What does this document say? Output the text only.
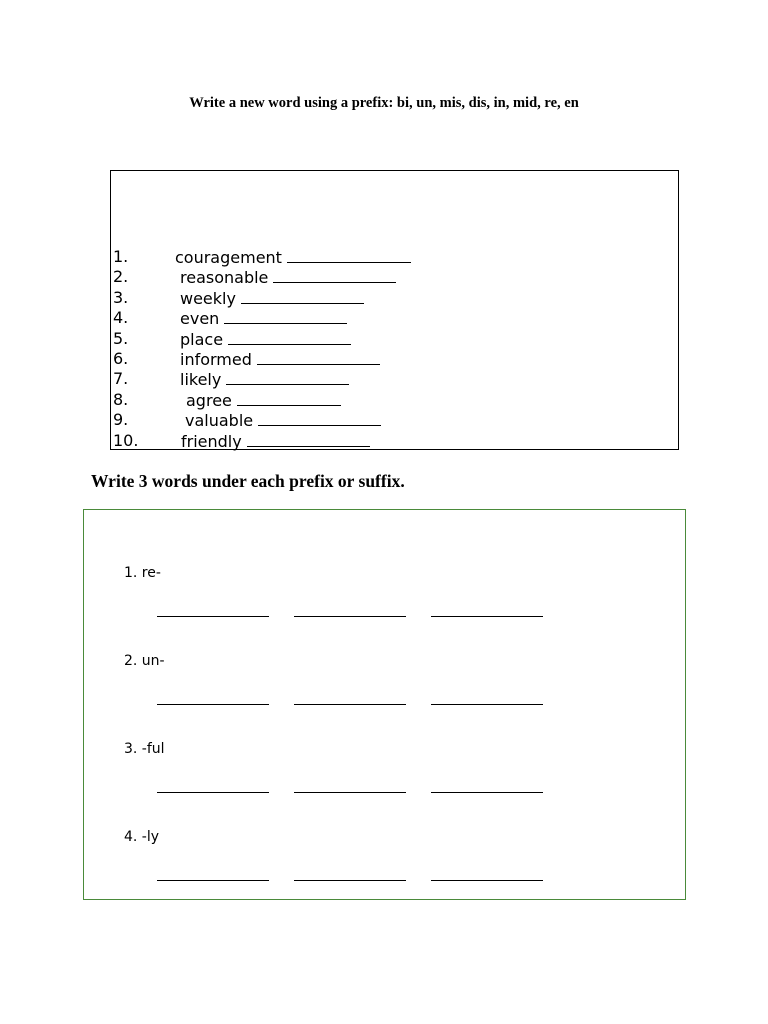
Write a new word using a prefix: bi, un, mis, dis, in, mid, re, en
1.	couragement
2.	reasonable
3.	weekly
4.	even
5.	place
6.	informed
7.	likely
8.	agree
9.	valuable
10.	friendly
Write 3 words under each prefix or suffix.
1. re-
2. un-
3. -ful
4. -ly
